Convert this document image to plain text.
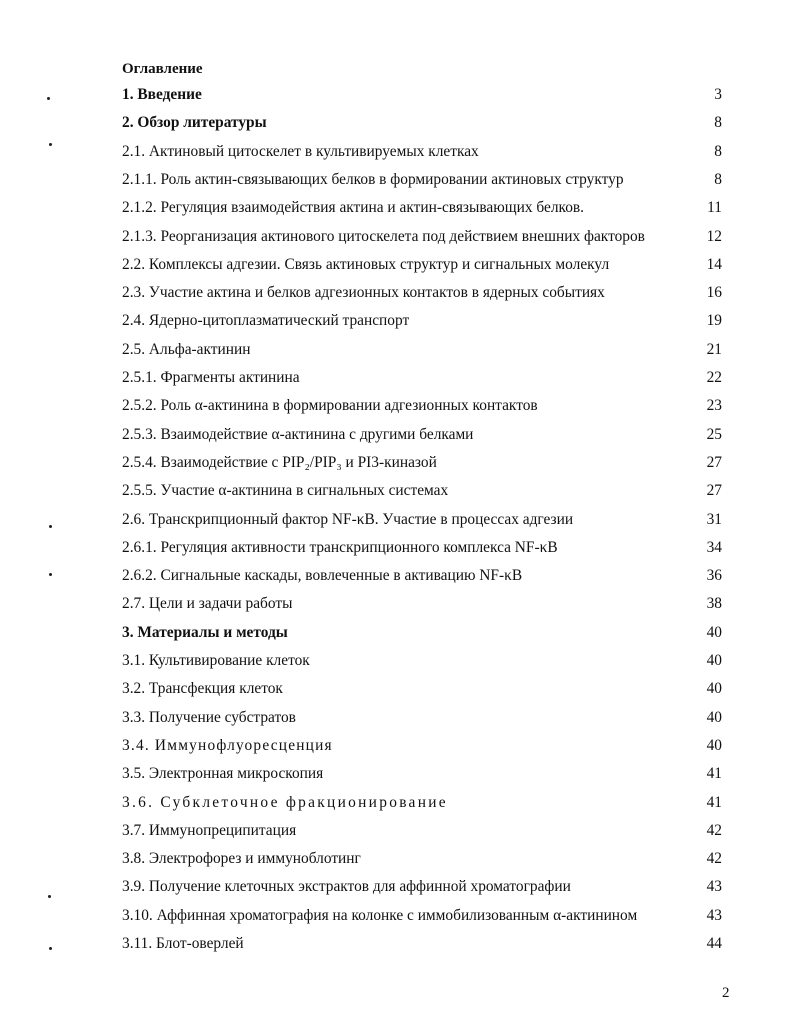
Оглавление
1. Введение	3
2. Обзор литературы	8
2.1. Актиновый цитоскелет в культивируемых клетках	8
2.1.1. Роль актин-связывающих белков в формировании актиновых структур	8
2.1.2. Регуляция взаимодействия актина и актин-связывающих белков.	11
2.1.3. Реорганизация актинового цитоскелета под действием внешних факторов	12
2.2. Комплексы адгезии. Связь актиновых структур и сигнальных молекул	14
2.3. Участие актина и белков адгезионных контактов в ядерных событиях	16
2.4. Ядерно-цитоплазматический транспорт	19
2.5. Альфа-актинин	21
2.5.1. Фрагменты актинина	22
2.5.2. Роль α-актинина в формировании адгезионных контактов	23
2.5.3. Взаимодействие α-актинина с другими белками	25
2.5.4. Взаимодействие с PIP₂/PIP₃ и PI3-киназой	27
2.5.5. Участие α-актинина в сигнальных системах	27
2.6. Транскрипционный фактор NF-κB. Участие в процессах адгезии	31
2.6.1. Регуляция активности транскрипционного комплекса NF-κB	34
2.6.2. Сигнальные каскады, вовлеченные в активацию NF-κB	36
2.7. Цели и задачи работы	38
3. Материалы и методы	40
3.1. Культивирование клеток	40
3.2. Трансфекция клеток	40
3.3. Получение субстратов	40
3.4. Иммунофлуоресценция	40
3.5. Электронная микроскопия	41
3.6. Субклеточное фракционирование	41
3.7. Иммунопреципитация	42
3.8. Электрофорез и иммуноблотинг	42
3.9. Получение клеточных экстрактов для аффинной хроматографии	43
3.10. Аффинная хроматография на колонке с иммобилизованным α-актинином	43
3.11. Блот-оверлей	44
2
